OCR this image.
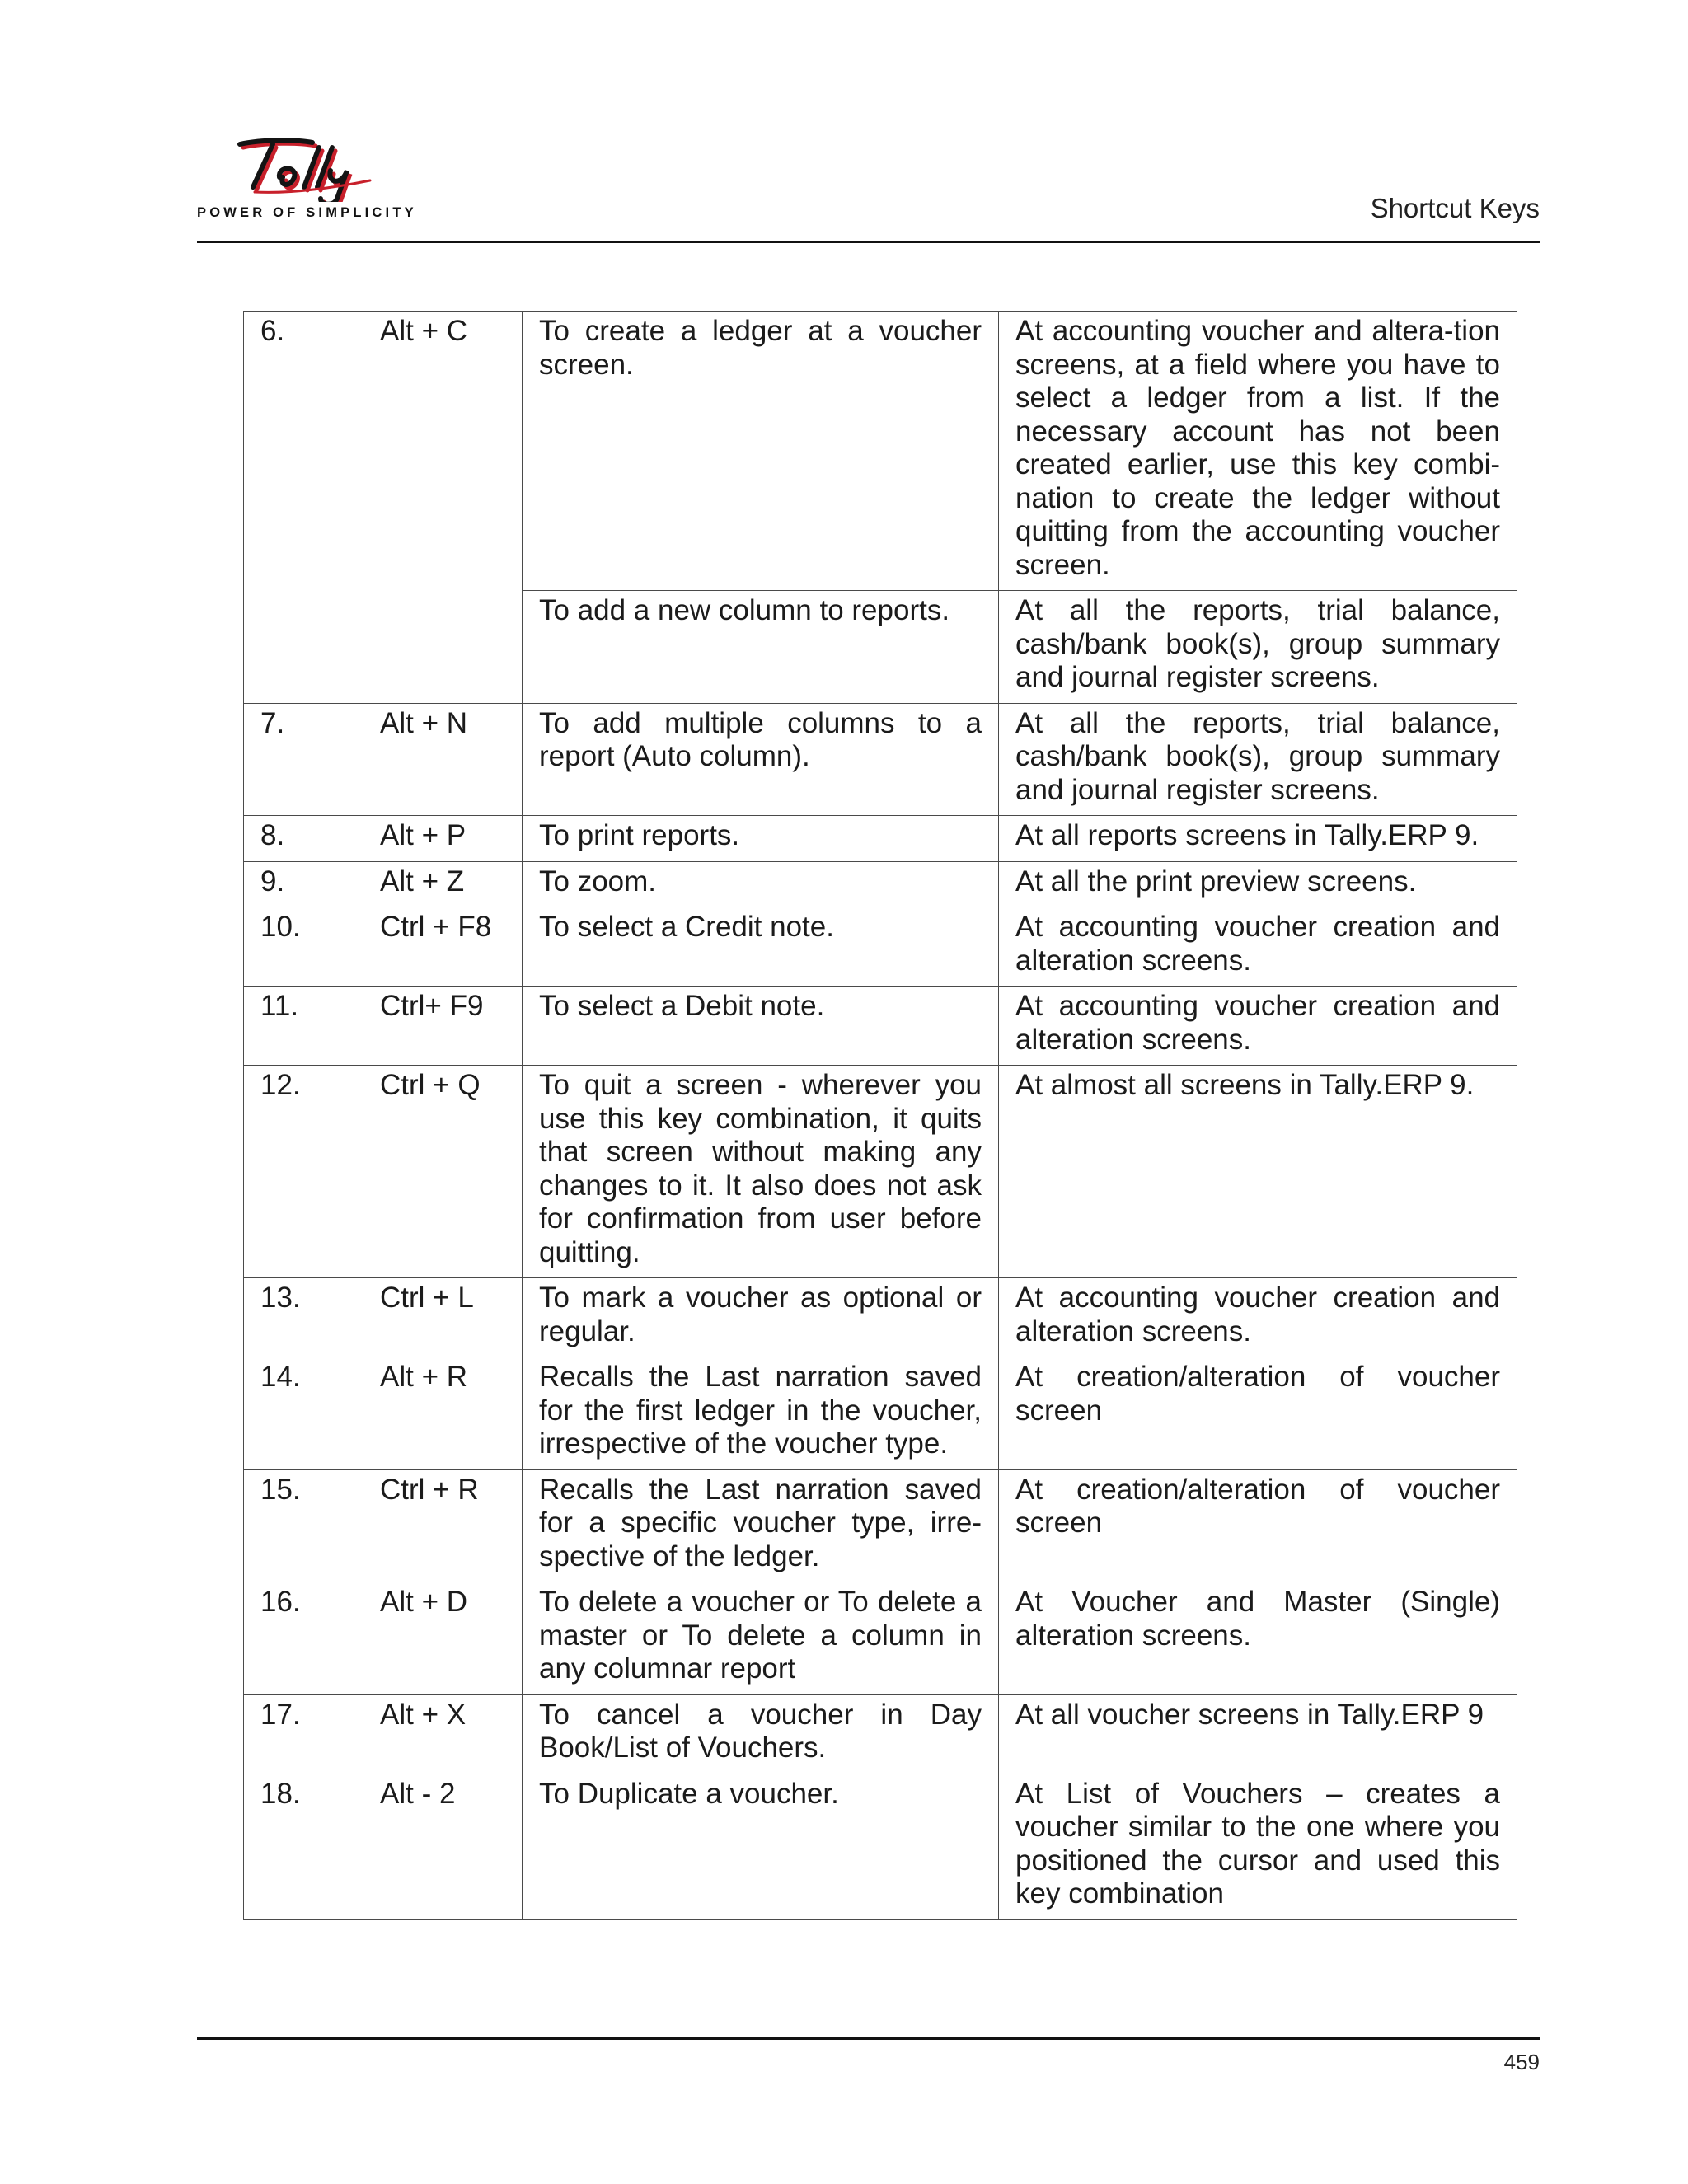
POWER OF SIMPLICITY	Shortcut Keys
6.	Alt + C	To create a ledger at a voucher screen.	At accounting voucher and altera-tion screens, at a field where you have to select a ledger from a list. If the necessary account has not been created earlier, use this key combi-nation to create the ledger without quitting from the accounting voucher screen.
		To add a new column to reports.	At all the reports, trial balance, cash/bank book(s), group summary and journal register screens.
7.	Alt + N	To add multiple columns to a report (Auto column).	At all the reports, trial balance, cash/bank book(s), group summary and journal register screens.
8.	Alt + P	To print reports.	At all reports screens in Tally.ERP 9.
9.	Alt + Z	To zoom.	At all the print preview screens.
10.	Ctrl + F8	To select a Credit note.	At accounting voucher creation and alteration screens.
11.	Ctrl+ F9	To select a Debit note.	At accounting voucher creation and alteration screens.
12.	Ctrl + Q	To quit a screen - wherever you use this key combination, it quits that screen without making any changes to it. It also does not ask for confirmation from user before quitting.	At almost all screens in Tally.ERP 9.
13.	Ctrl + L	To mark a voucher as optional or regular.	At accounting voucher creation and alteration screens.
14.	Alt + R	Recalls the Last narration saved for the first ledger in the voucher, irrespective of the voucher type.	At creation/alteration of voucher screen
15.	Ctrl + R	Recalls the Last narration saved for a specific voucher type, irre-spective of the ledger.	At creation/alteration of voucher screen
16.	Alt + D	To delete a voucher or To delete a master or To delete a column in any columnar report	At Voucher and Master (Single) alteration screens.
17.	Alt + X	To cancel a voucher in Day Book/List of Vouchers.	At all voucher screens in Tally.ERP 9
18.	Alt - 2	To Duplicate a voucher.	At List of Vouchers – creates a voucher similar to the one where you positioned the cursor and used this key combination
459
